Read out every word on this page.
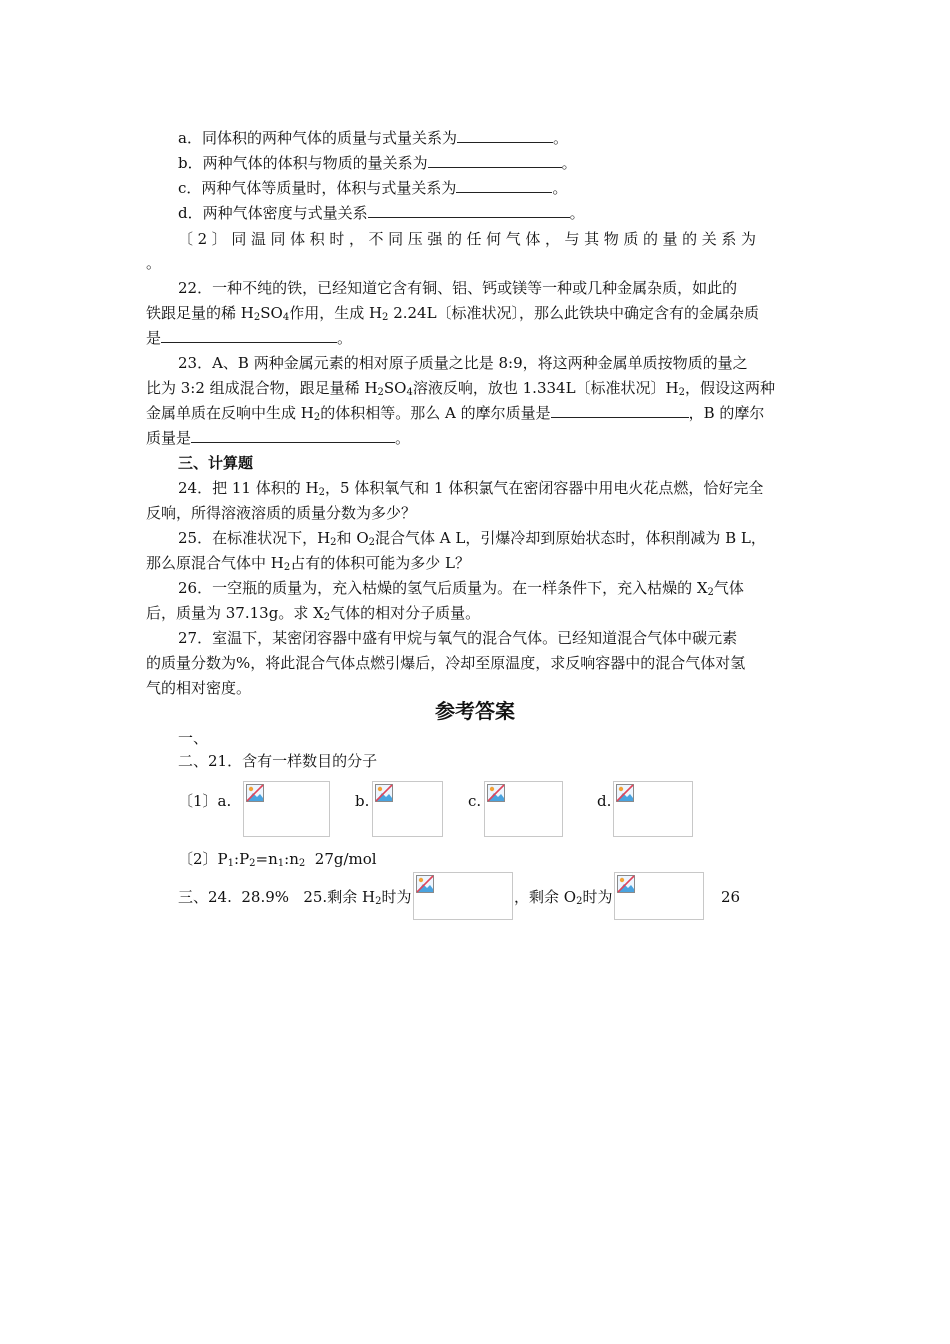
a．同体积的两种气体的质量与式量关系为	。
b．两种气体的体积与物质的量关系为	。
c．两种气体等质量时，体积与式量关系为	。
d．两种气体密度与式量关系	。
〔2〕同温同体积时，不同压强的任何气体，与其物质的量的关系为
。
22．一种不纯的铁，已经知道它含有铜、铝、钙或镁等一种或几种金属杂质，如此的
铁跟足量的稀 $H_2SO_4$作用，生成 $H_2$ 2.24L〔标准状况〕，那么此铁块中确定含有的金属杂质
是	。
23．A、B 两种金属元素的相对原子质量之比是 8:9，将这两种金属单质按物质的量之
比为 3:2 组成混合物，跟足量稀 $H_2SO_4$溶液反响，放也 1.334L〔标准状况〕$H_2$，假设这两种
金属单质在反响中生成 $H_2$的体积相等。那么 A 的摩尔质量是	，B 的摩尔
质量是	。
三、计算题
24．把 11 体积的 $H_2$，5 体积氧气和 1 体积氯气在密闭容器中用电火花点燃，恰好完全
反响，所得溶液溶质的质量分数为多少？
25．在标准状况下，$H_2$和 $O_2$混合气体 A L，引爆冷却到原始状态时，体积削减为 B L，
那么原混合气体中 $H_2$占有的体积可能为多少 L？
26．一空瓶的质量为，充入枯燥的氢气后质量为。在一样条件下，充入枯燥的 $X_2$气体
后，质量为 37.13g。求 $X_2$气体的相对分子质量。
27．室温下，某密闭容器中盛有甲烷与氧气的混合气体。已经知道混合气体中碳元素
的质量分数为%，将此混合气体点燃引爆后，冷却至原温度，求反响容器中的混合气体对氢
气的相对密度。
参考答案
一、
二、21．含有一样数目的分子
〔1〕a.	b.	c.	d.
〔2〕$P_1:P_2=n_1:n_2$  27g/mol
三、24.  28.9%   25.剩余 $H_2$时为	，剩余 $O_2$时为	26
